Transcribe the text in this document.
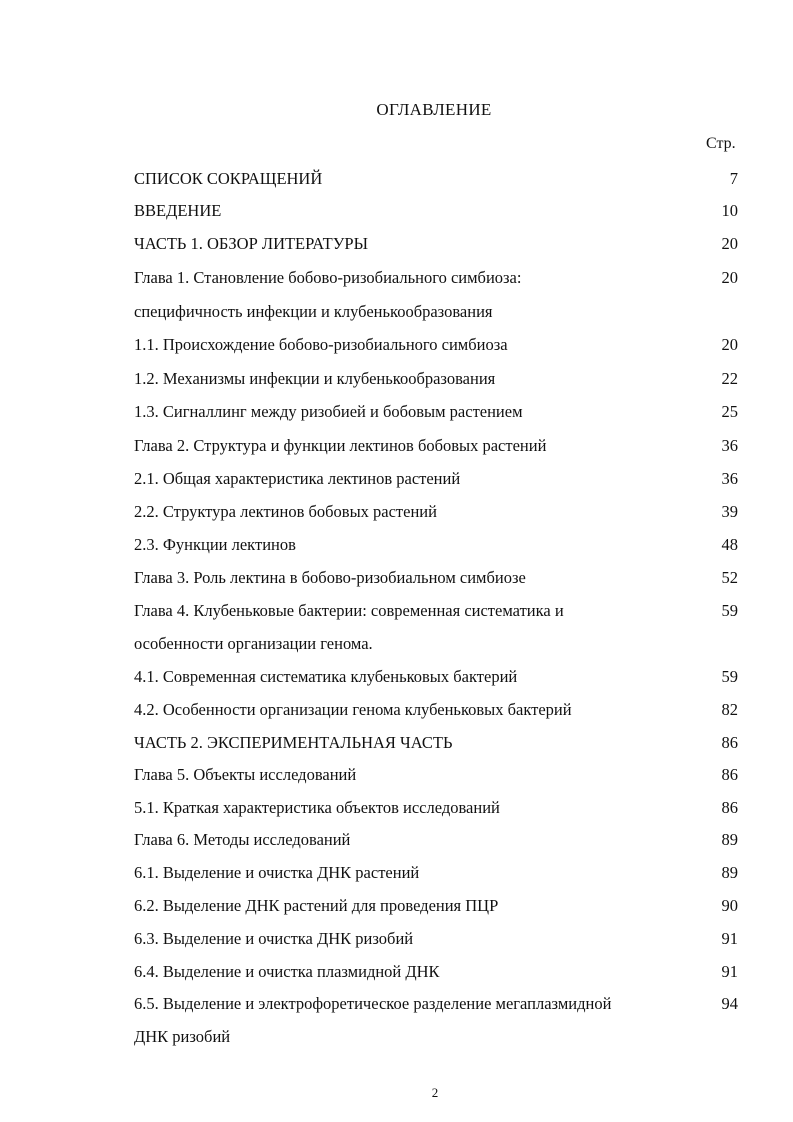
ОГЛАВЛЕНИЕ
Стр.
СПИСОК СОКРАЩЕНИЙ	7
ВВЕДЕНИЕ	10
ЧАСТЬ 1. ОБЗОР ЛИТЕРАТУРЫ	20
Глава 1. Становление бобово-ризобиального симбиоза:	20
специфичность инфекции и клубенькообразования
1.1. Происхождение бобово-ризобиального симбиоза	20
1.2. Механизмы инфекции и клубенькообразования	22
1.3. Сигналлинг между ризобией и бобовым растением	25
Глава 2. Структура и функции лектинов бобовых растений	36
2.1. Общая характеристика лектинов растений	36
2.2. Структура лектинов бобовых растений	39
2.3. Функции лектинов	48
Глава 3. Роль лектина в бобово-ризобиальном симбиозе	52
Глава 4. Клубеньковые бактерии: современная систематика и	59
особенности организации генома.
4.1. Современная систематика клубеньковых бактерий	59
4.2. Особенности организации генома клубеньковых бактерий	82
ЧАСТЬ 2. ЭКСПЕРИМЕНТАЛЬНАЯ ЧАСТЬ	86
Глава 5. Объекты исследований	86
5.1. Краткая характеристика объектов исследований	86
Глава 6. Методы исследований	89
6.1. Выделение и очистка ДНК растений	89
6.2. Выделение ДНК растений для проведения ПЦР	90
6.3. Выделение и очистка ДНК ризобий	91
6.4. Выделение и очистка плазмидной ДНК	91
6.5. Выделение и электрофоретическое разделение мегаплазмидной	94
ДНК ризобий
2
